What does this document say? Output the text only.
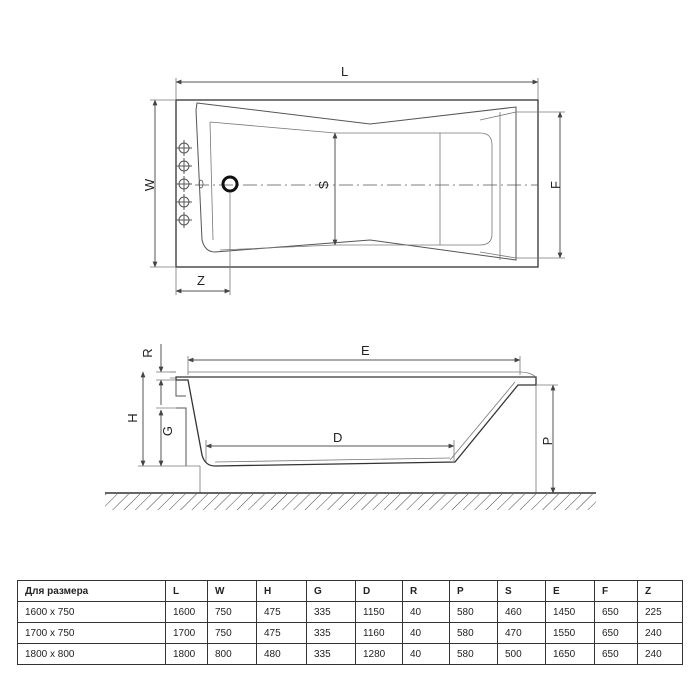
L
W	S	F
Z
E
D
R
H
G
P
Для размера	L	W	H	G	D	R	P	S	E	F	Z
1600 x 750	1600	750	475	335	1150	40	580	460	1450	650	225
1700 x 750	1700	750	475	335	1160	40	580	470	1550	650	240
1800 x 800	1800	800	480	335	1280	40	580	500	1650	650	240
